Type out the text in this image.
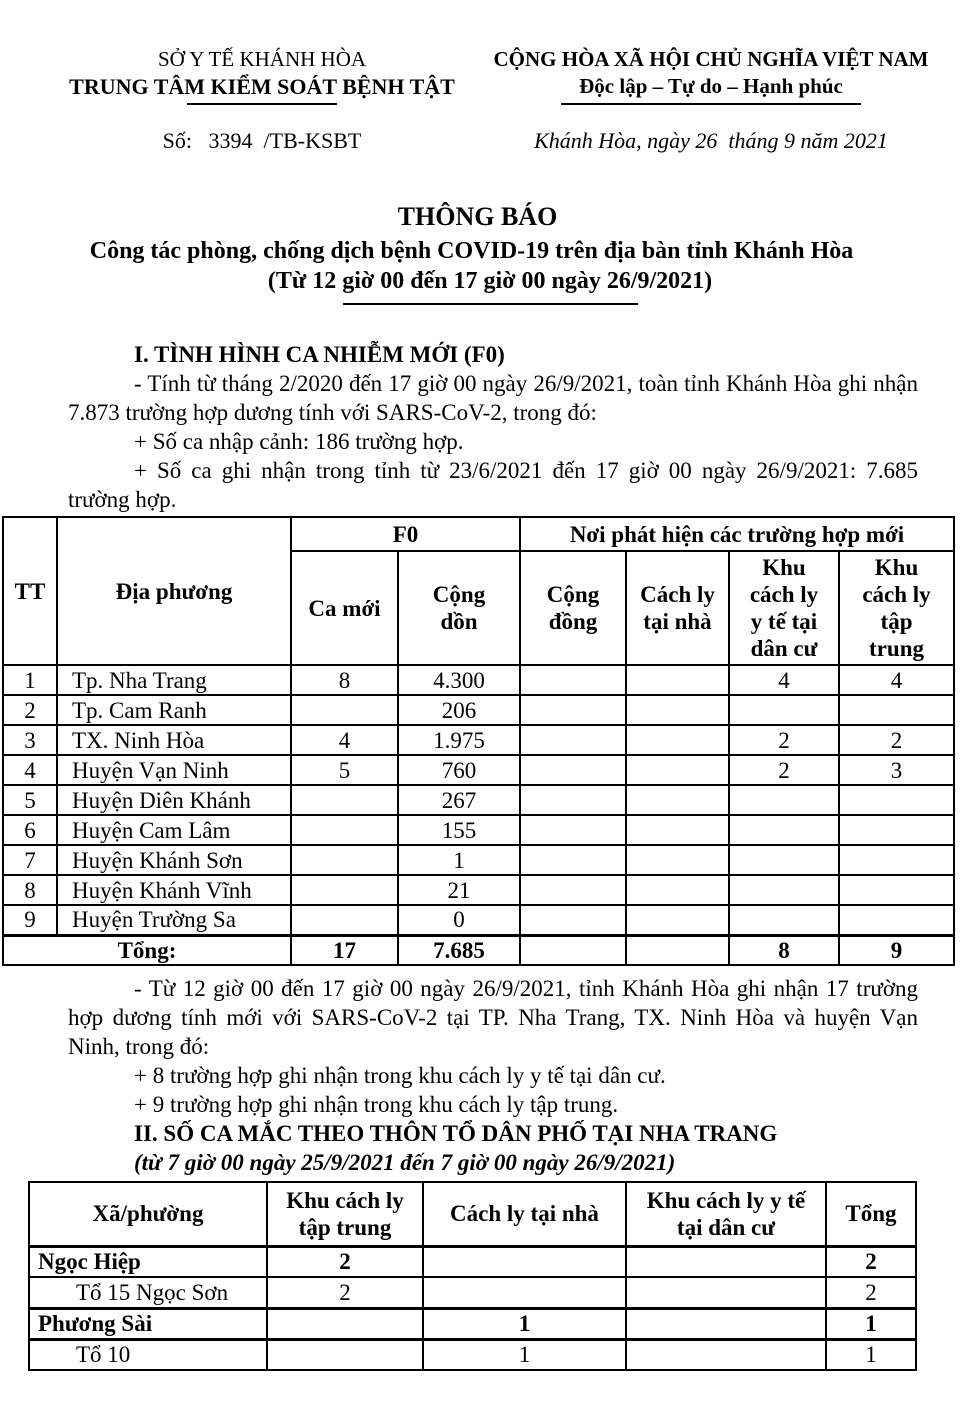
SỞ Y TẾ KHÁNH HÒA
TRUNG TÂM KIỂM SOÁT BỆNH TẬT
Số:   3394  /TB-KSBT
CỘNG HÒA XÃ HỘI CHỦ NGHĨA VIỆT NAM
Độc lập – Tự do – Hạnh phúc
Khánh Hòa, ngày 26  tháng 9 năm 2021
THÔNG BÁO
Công tác phòng, chống dịch bệnh COVID-19 trên địa bàn tỉnh Khánh Hòa
(Từ 12 giờ 00 đến 17 giờ 00 ngày 26/9/2021)

I. TÌNH HÌNH CA NHIỄM MỚI (F0)

- Tính từ tháng 2/2020 đến 17 giờ 00 ngày 26/9/2021, toàn tỉnh Khánh Hòa ghi nhận 7.873 trường hợp dương tính với SARS-CoV-2, trong đó:

+ Số ca nhập cảnh: 186 trường hợp.

+ Số ca ghi nhận trong tỉnh từ 23/6/2021 đến 17 giờ 00 ngày 26/9/2021: 7.685 trường hợp.

TT	Địa phương	F0		Nơi phát hiện các trường hợp mới			
		Ca mới	Cộng dồn	Cộng đồng	Cách ly tại nhà	Khu cách ly y tế tại dân cư	Khu cách ly tập trung
1	Tp. Nha Trang	8	4.300			4	4
2	Tp. Cam Ranh		206				
3	TX. Ninh Hòa	4	1.975			2	2
4	Huyện Vạn Ninh	5	760			2	3
5	Huyện Diên Khánh		267				
6	Huyện Cam Lâm		155				
7	Huyện Khánh Sơn		1				
8	Huyện Khánh Vĩnh		21				
9	Huyện Trường Sa		0				
Tổng:		17	7.685			8	9

- Từ 12 giờ 00 đến 17 giờ 00 ngày 26/9/2021, tỉnh Khánh Hòa ghi nhận 17 trường hợp dương tính mới với SARS-CoV-2 tại TP. Nha Trang, TX. Ninh Hòa và huyện Vạn Ninh, trong đó:

+ 8 trường hợp ghi nhận trong khu cách ly y tế tại dân cư.

+ 9 trường hợp ghi nhận trong khu cách ly tập trung.

II. SỐ CA MẮC THEO THÔN TỔ DÂN PHỐ TẠI NHA TRANG

(từ 7 giờ 00 ngày 25/9/2021 đến 7 giờ 00 ngày 26/9/2021)

Xã/phường	Khu cách ly tập trung	Cách ly tại nhà	Khu cách ly y tế tại dân cư	Tổng
Ngọc Hiệp	2			2
Tổ 15 Ngọc Sơn	2			2
Phương Sài		1		1
Tổ 10		1		1
